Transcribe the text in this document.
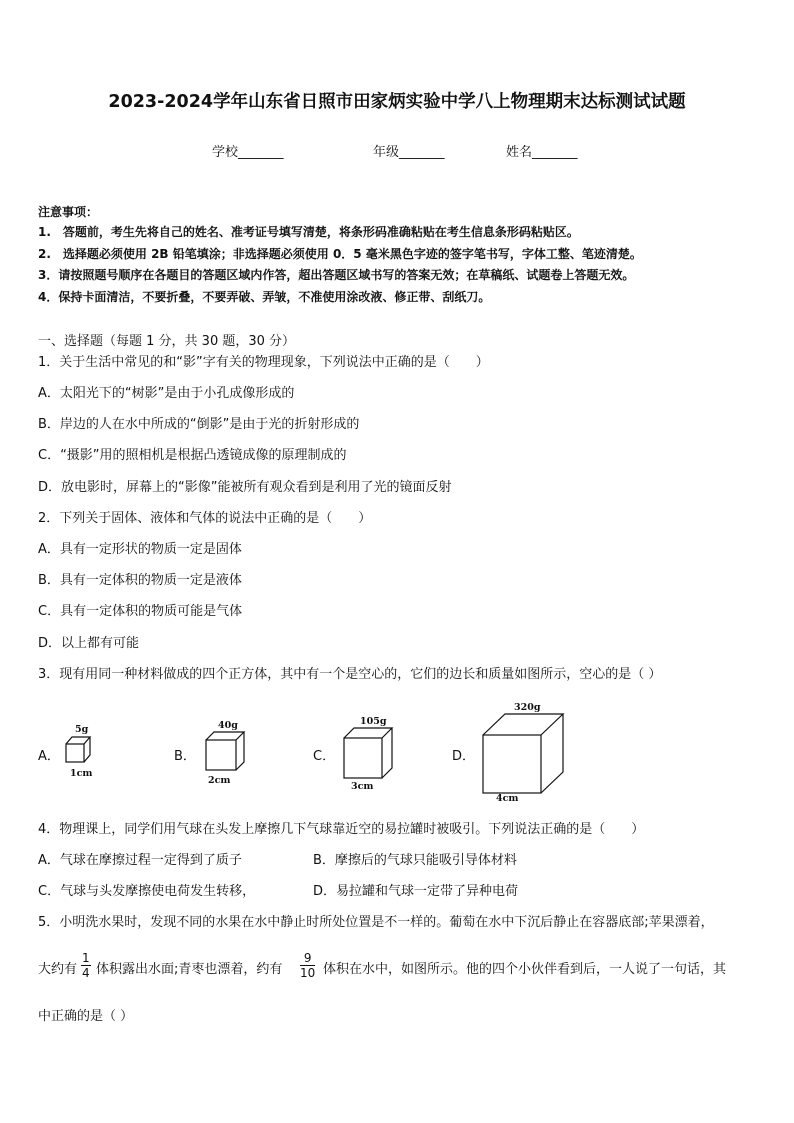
2023-2024学年山东省日照市田家炳实验中学八上物理期末达标测试试题
学校_______	年级_______	姓名_______
注意事项：
1.　答题前，考生先将自己的姓名、准考证号填写清楚，将条形码准确粘贴在考生信息条形码粘贴区。
2.　选择题必须使用 2B 铅笔填涂；非选择题必须使用 0．5 毫米黑色字迹的签字笔书写，字体工整、笔迹清楚。
3．请按照题号顺序在各题目的答题区域内作答，超出答题区域书写的答案无效；在草稿纸、试题卷上答题无效。
4．保持卡面清洁，不要折叠，不要弄破、弄皱，不准使用涂改液、修正带、刮纸刀。
一、选择题（每题 1 分，共 30 题，30 分）
1．关于生活中常见的和“影”字有关的物理现象，下列说法中正确的是（　　）
A．太阳光下的“树影”是由于小孔成像形成的
B．岸边的人在水中所成的“倒影”是由于光的折射形成的
C．“摄影”用的照相机是根据凸透镜成像的原理制成的
D．放电影时，屏幕上的“影像”能被所有观众看到是利用了光的镜面反射
2．下列关于固体、液体和气体的说法中正确的是（　　）
A．具有一定形状的物质一定是固体
B．具有一定体积的物质一定是液体
C．具有一定体积的物质可能是气体
D．以上都有可能
3．现有用同一种材料做成的四个正方体，其中有一个是空心的，它们的边长和质量如图所示，空心的是（ ）
A．	B．	C．	D．
5g
1cm
40g
2cm
105g
3cm
320g
4cm
4．物理课上，同学们用气球在头发上摩擦几下气球靠近空的易拉罐时被吸引。下列说法正确的是（　　）
A．气球在摩擦过程一定得到了质子	B．摩擦后的气球只能吸引导体材料
C．气球与头发摩擦使电荷发生转移，	D．易拉罐和气球一定带了异种电荷
5．小明洗水果时，发现不同的水果在水中静止时所处位置是不一样的。葡萄在水中下沉后静止在容器底部;苹果漂着，
大约有 $\frac{1}{4}$ 体积露出水面;青枣也漂着，约有 $\frac{9}{10}$ 体积在水中，如图所示。他的四个小伙伴看到后，一人说了一句话，其
中正确的是（ ）
